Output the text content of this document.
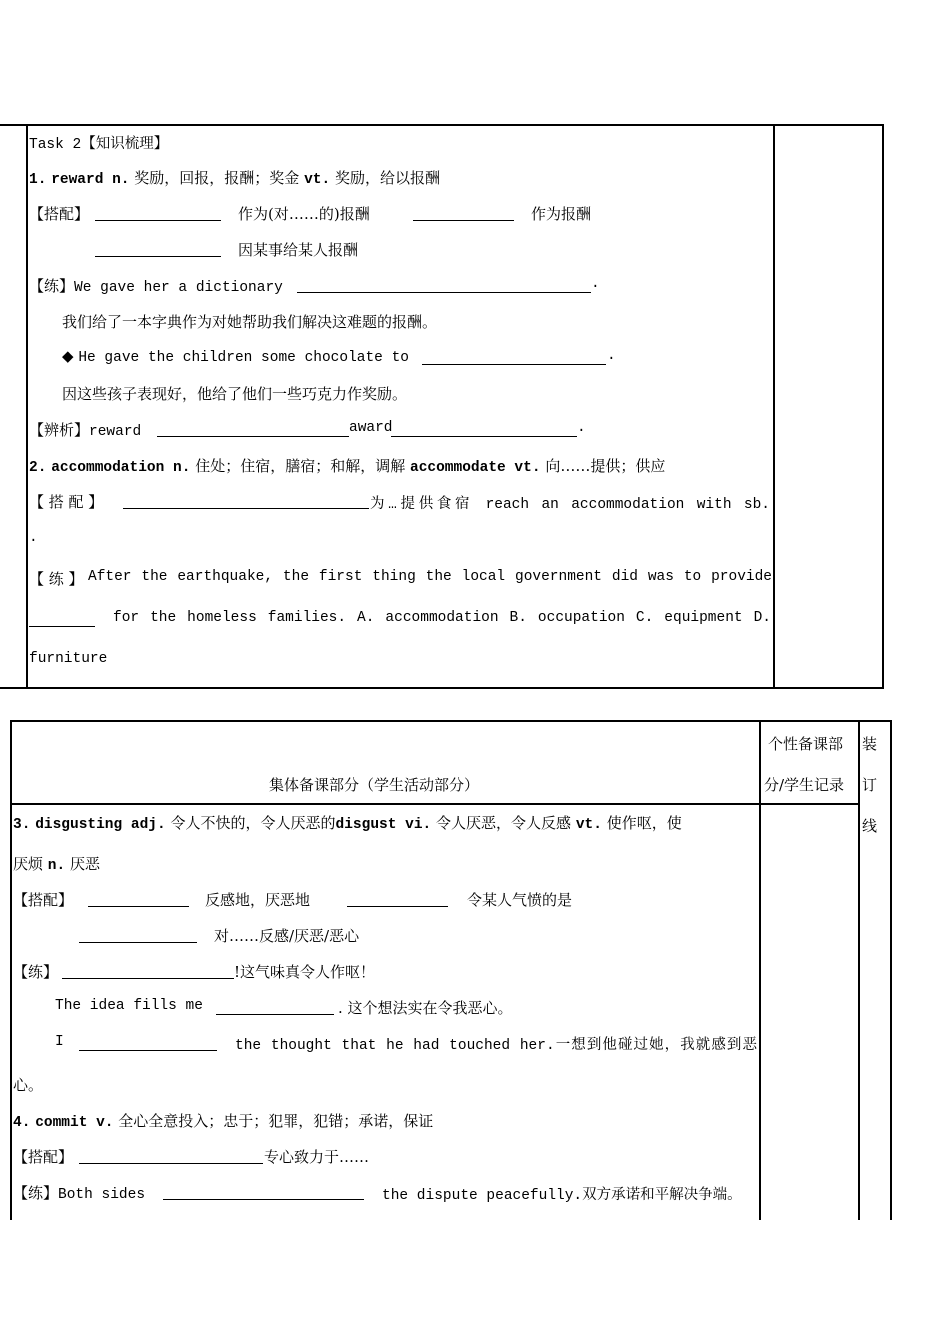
Task 2【知识梳理】
1. reward n. 奖励，回报，报酬；奖金 vt. 奖励，给以报酬
【搭配】	作为(对……的)报酬	作为报酬
因某事给某人报酬
【练】We gave her a dictionary	.
我们给了一本字典作为对她帮助我们解决这难题的报酬。
◆ He gave the children some chocolate to	.
因这些孩子表现好，他给了他们一些巧克力作奖励。
【辨析】reward	award	.
2. accommodation n. 住处；住宿，膳宿；和解，调解 accommodate vt. 向……提供；供应
【 搭 配 】	为…提供食宿 reach an accommodation with sb.
.
【 练 】 After the earthquake, the first thing the local government did was to provide
for the homeless families. A. accommodation B. occupation C. equipment D.
furniture
集体备课部分（学生活动部分）
个性备课部
分/学生记录
装
订
线
3. disgusting adj. 令人不快的，令人厌恶的disgust vi. 令人厌恶，令人反感 vt. 使作呕，使
厌烦 n. 厌恶
【搭配】	反感地，厌恶地	令某人气愤的是
对……反感/厌恶/恶心
【练】	!这气味真令人作呕！
The idea fills me	. 这个想法实在令我恶心。
I	the thought that he had touched her.一想到他碰过她，我就感到恶
心。
4. commit v. 全心全意投入；忠于；犯罪，犯错；承诺，保证
【搭配】	专心致力于……
【练】Both sides	the dispute peacefully.双方承诺和平解决争端。
